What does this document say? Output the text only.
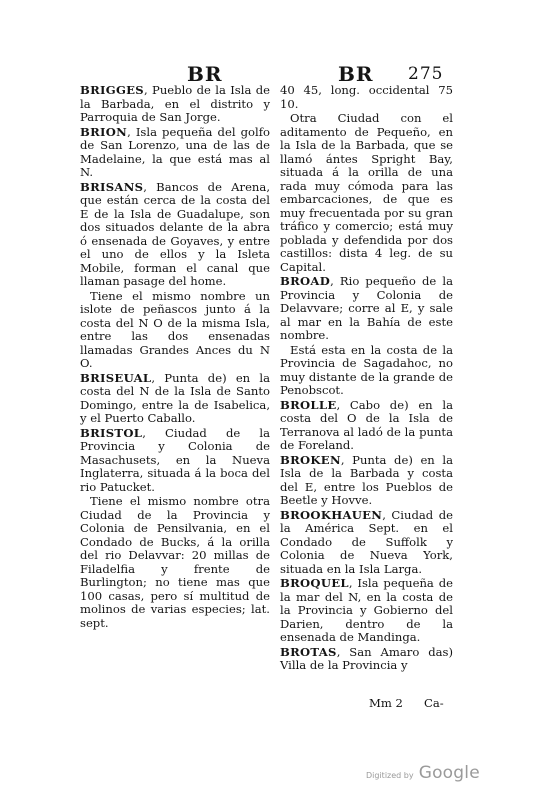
BR	BR 275

BRIGGES, Pueblo de la Isla de la Barbada, en el distrito y Parroquia de San Jorge.

BRION, Isla pequeña del golfo de San Lorenzo, una de las de Madelaine, la que está mas al N.

BRISANS, Bancos de Arena, que están cerca de la costa del E de la Isla de Guadalupe, son dos situados delante de la abra ó ensenada de Goyaves, y entre el uno de ellos y la Isleta Mobile, forman el canal que llaman pasage del home.

Tiene el mismo nombre un islote de peñascos junto á la costa del N O de la misma Isla, entre las dos ensenadas llamadas Grandes Ances du N O.

BRISEUAL, Punta de) en la costa del N de la Isla de Santo Domingo, entre la de Isabelica, y el Puerto Caballo.

BRISTOL, Ciudad de la Provincia y Colonia de Masachusets, en la Nueva Inglaterra, situada á la boca del rio Patucket.

Tiene el mismo nombre otra Ciudad de la Provincia y Colonia de Pensilvania, en el Condado de Bucks, á la orilla del rio Delavvar: 20 millas de Filadelfia y frente de Burlington; no tiene mas que 100 casas, pero sí multitud de molinos de varias especies; lat. sept.

40 45, long. occidental 75 10.

Otra Ciudad con el aditamento de Pequeño, en la Isla de la Barbada, que se llamó ántes Spright Bay, situada á la orilla de una rada muy cómoda para las embarcaciones, de que es muy frecuentada por su gran tráfico y comercio; está muy poblada y defendida por dos castillos: dista 4 leg. de su Capital.

BROAD, Rio pequeño de la Provincia y Colonia de Delavvare; corre al E, y sale al mar en la Bahía de este nombre.

Está esta en la costa de la Provincia de Sagadahoc, no muy distante de la grande de Penobscot.

BROLLE, Cabo de) en la costa del O de la Isla de Terranova al ladó de la punta de Foreland.

BROKEN, Punta de) en la Isla de la Barbada y costa del E, entre los Pueblos de Beetle y Hovve.

BROOKHAUEN, Ciudad de la América Sept. en el Condado de Suffolk y Colonia de Nueva York, situada en la Isla Larga.

BROQUEL, Isla pequeña de la mar del N, en la costa de la Provincia y Gobierno del Darien, dentro de la ensenada de Mandinga.

BROTAS, San Amaro das) Villa de la Provincia y

Mm 2 Ca-
Digitized by Google
